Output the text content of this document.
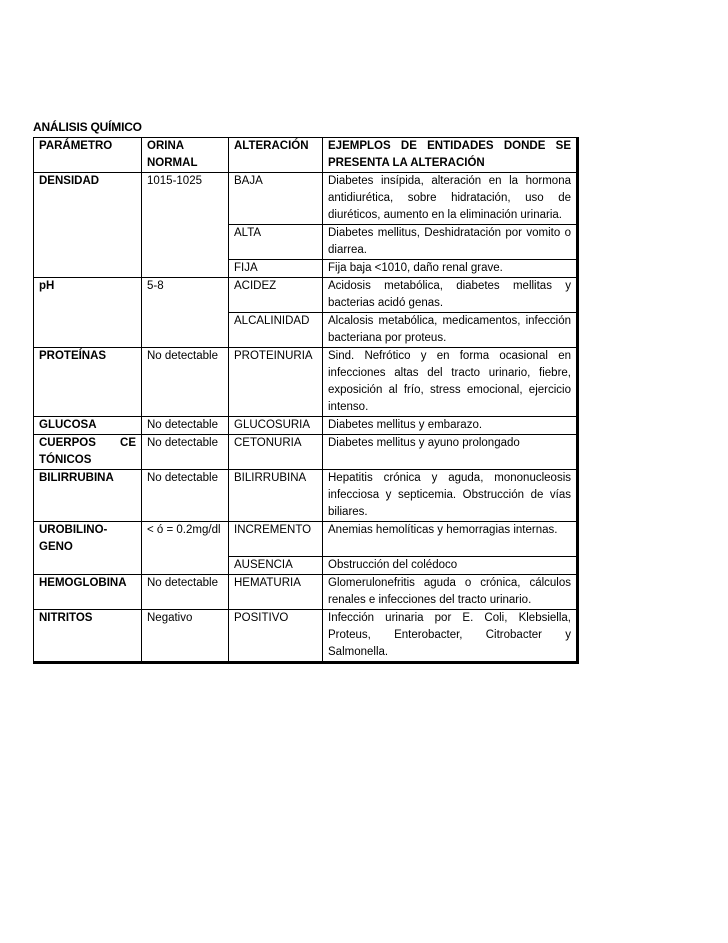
ANÁLISIS QUÍMICO
PARÁMETRO	ORINA NORMAL	ALTERACIÓN	EJEMPLOS DE ENTIDADES DONDE SE PRESENTA LA ALTERACIÓN
DENSIDAD	1015-1025	BAJA	Diabetes insípida, alteración en la hormona antidiurética, sobre hidratación, uso de diuréticos, aumento en la eliminación urinaria.
		ALTA	Diabetes mellitus, Deshidratación por vomito o diarrea.
		FIJA	Fija baja <1010, daño renal grave.
pH	5-8	ACIDEZ	Acidosis metabólica, diabetes mellitas y bacterias acidó genas.
		ALCALINIDAD	Alcalosis metabólica, medicamentos, infección bacteriana por proteus.
PROTEÍNAS	No detectable	PROTEINURIA	Sind. Nefrótico y en forma ocasional en infecciones altas del tracto urinario, fiebre, exposición al frío, stress emocional, ejercicio intenso.
GLUCOSA	No detectable	GLUCOSURIA	Diabetes mellitus y embarazo.
CUERPOS CE TÓNICOS	No detectable	CETONURIA	Diabetes mellitus y ayuno prolongado
BILIRRUBINA	No detectable	BILIRRUBINA	Hepatitis crónica y aguda, mononucleosis infecciosa y septicemia. Obstrucción de vías biliares.
UROBILINO-GENO	< ó = 0.2mg/dl	INCREMENTO	Anemias hemolíticas y hemorragias internas.
		AUSENCIA	Obstrucción del colédoco
HEMOGLOBINA	No detectable	HEMATURIA	Glomerulonefritis aguda o crónica, cálculos renales e infecciones del tracto urinario.
NITRITOS	Negativo	POSITIVO	Infección urinaria por E. Coli, Klebsiella, Proteus, Enterobacter, Citrobacter y Salmonella.
